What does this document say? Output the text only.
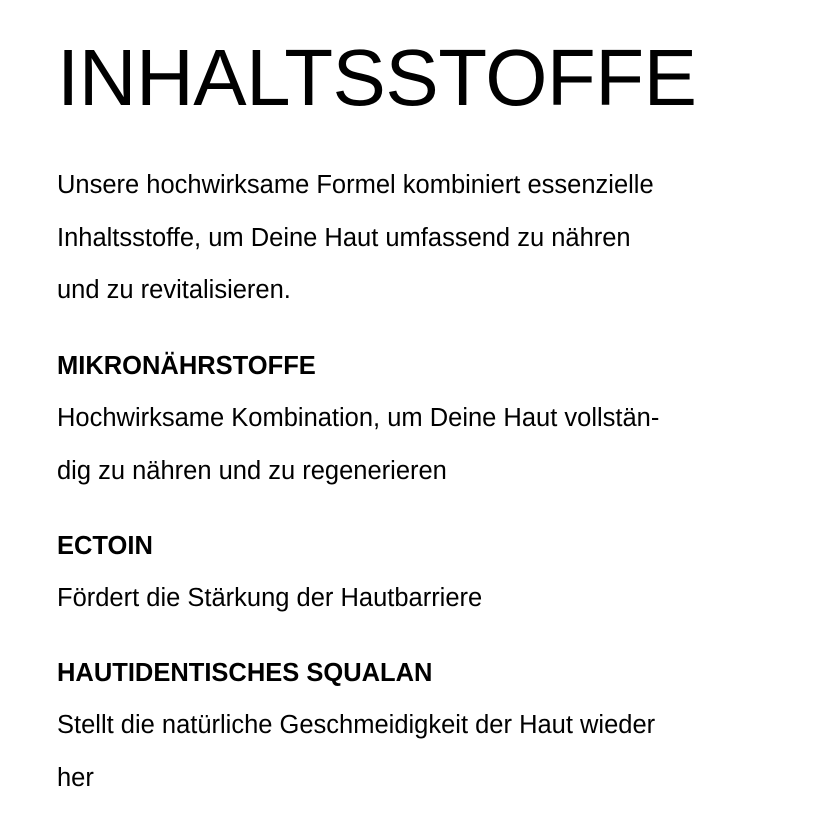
INHALTSSTOFFE

Unsere hochwirksame Formel kombiniert essenzielle
Inhaltsstoffe, um Deine Haut umfassend zu nähren
und zu revitalisieren.

MIKRONÄHRSTOFFE

Hochwirksame Kombination, um Deine Haut vollstän-
dig zu nähren und zu regenerieren

ECTOIN

Fördert die Stärkung der Hautbarriere

HAUTIDENTISCHES SQUALAN

Stellt die natürliche Geschmeidigkeit der Haut wieder
her
